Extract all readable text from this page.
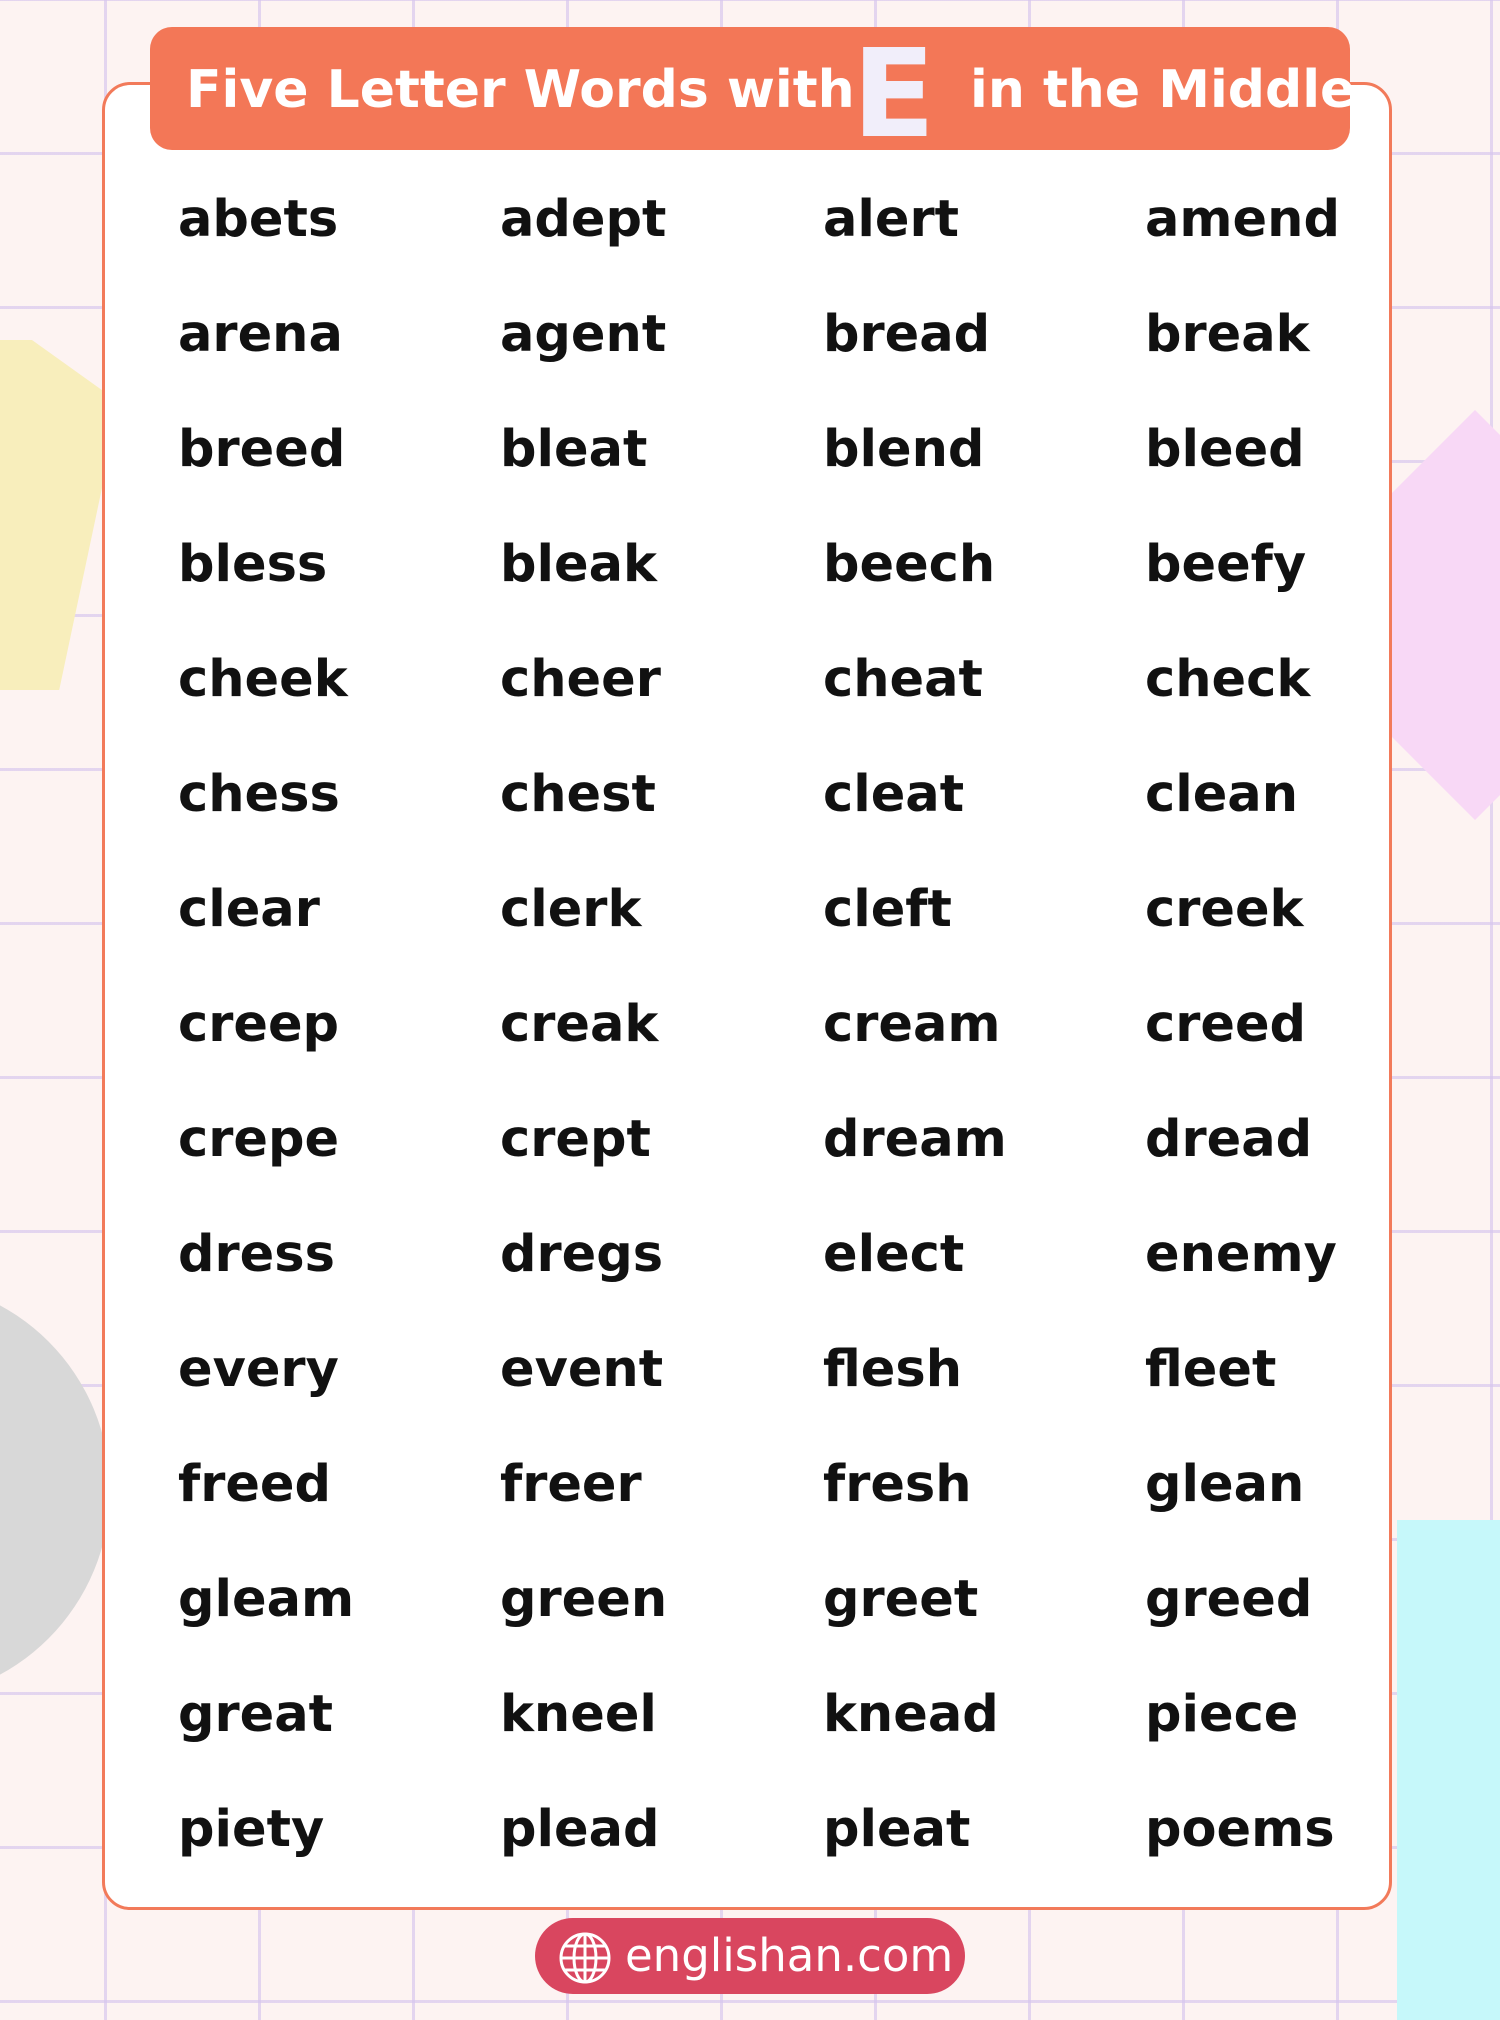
Five Letter Words with
E in the Middle
abets	adept	alert	amend
arena	agent	bread	break
breed	bleat	blend	bleed
bless	bleak	beech	beefy
cheek	cheer	cheat	check
chess	chest	cleat	clean
clear	clerk	cleft	creek
creep	creak	cream	creed
crepe	crept	dream	dread
dress	dregs	elect	enemy
every	event	flesh	fleet
freed	freer	fresh	glean
gleam	green	greet	greed
great	kneel	knead	piece
piety	plead	pleat	poems
englishan.com
